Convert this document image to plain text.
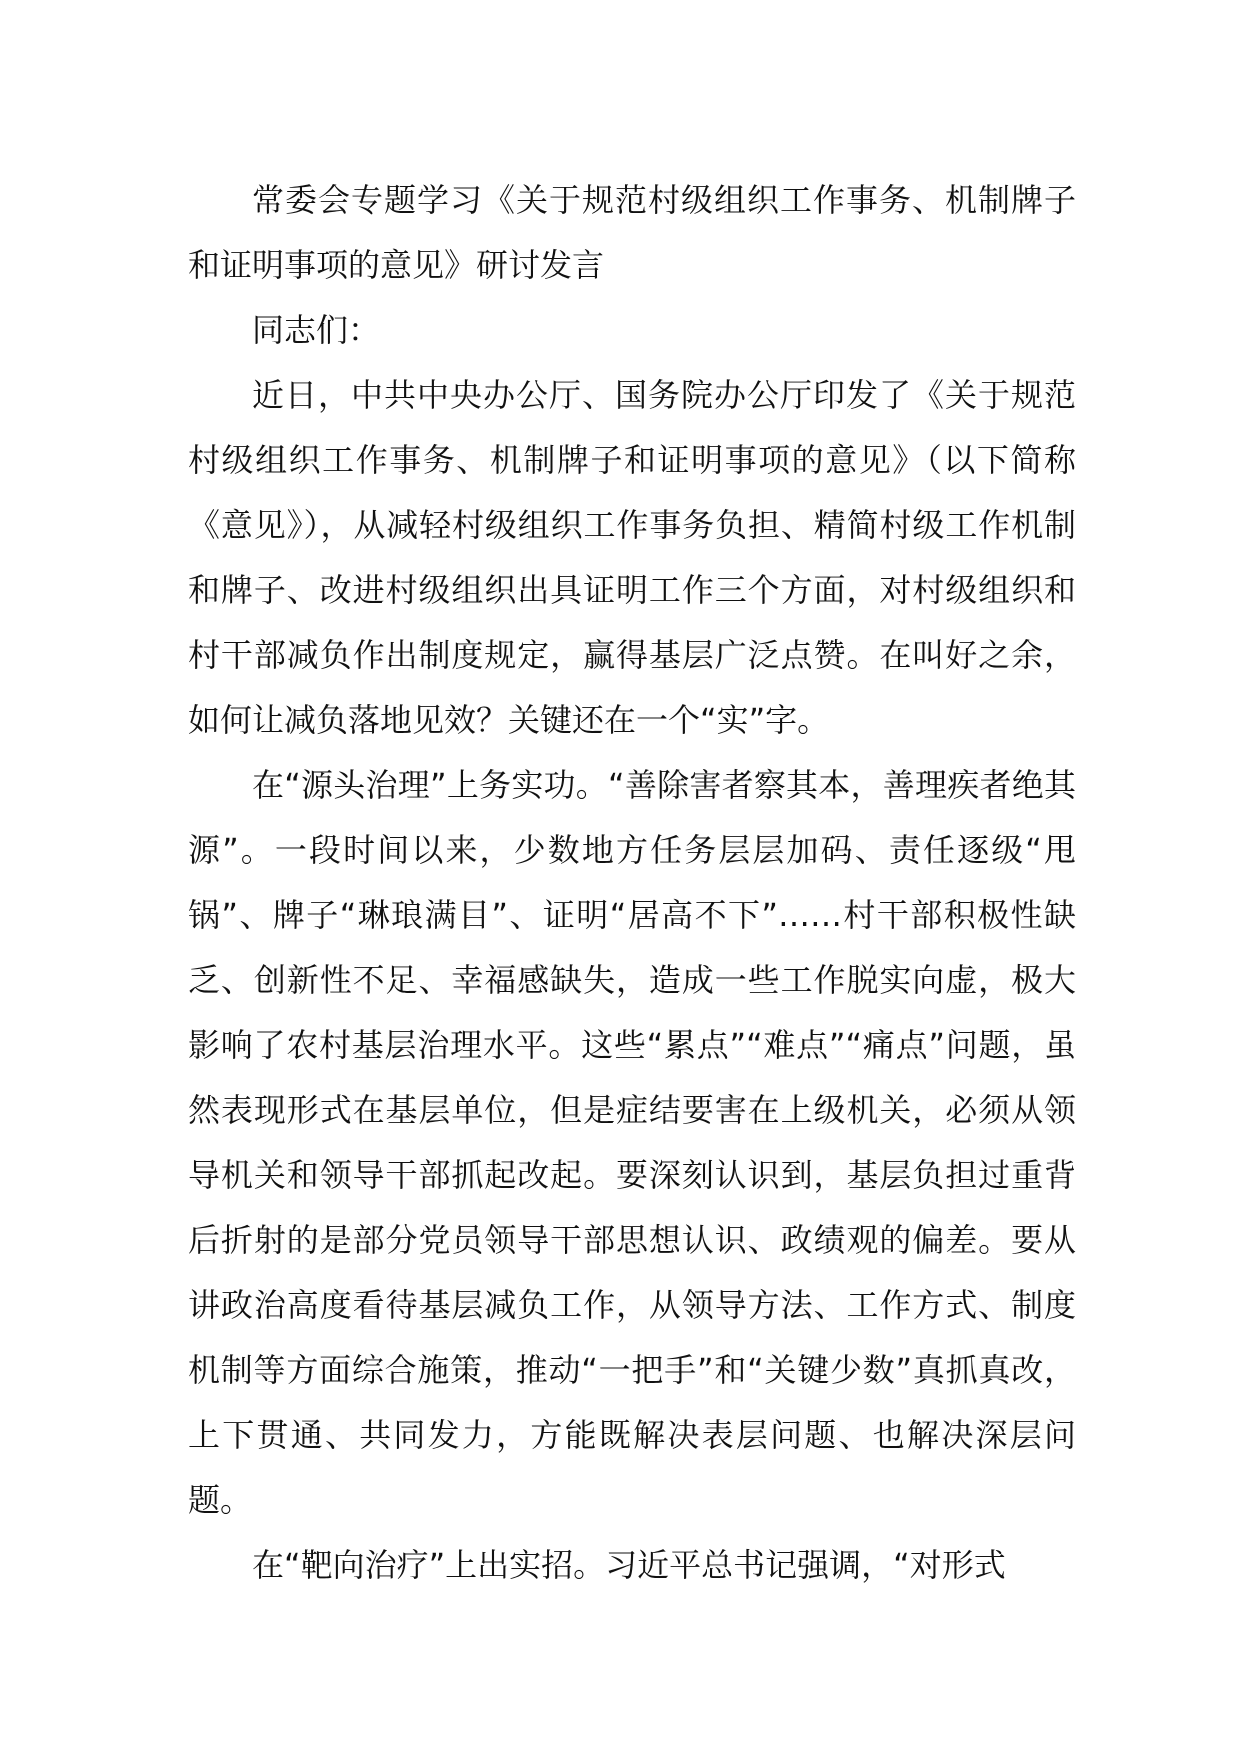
常委会专题学习《关于规范村级组织工作事务、机制牌子和证明事项的意见》研讨发言

同志们：

近日，中共中央办公厅、国务院办公厅印发了《关于规范村级组织工作事务、机制牌子和证明事项的意见》（以下简称《意见》），从减轻村级组织工作事务负担、精简村级工作机制和牌子、改进村级组织出具证明工作三个方面，对村级组织和村干部减负作出制度规定，赢得基层广泛点赞。在叫好之余，如何让减负落地见效？关键还在一个“实”字。

在“源头治理”上务实功。“善除害者察其本，善理疾者绝其源”。一段时间以来，少数地方任务层层加码、责任逐级“甩锅”、牌子“琳琅满目”、证明“居高不下”……村干部积极性缺乏、创新性不足、幸福感缺失，造成一些工作脱实向虚，极大影响了农村基层治理水平。这些“累点”“难点”“痛点”问题，虽然表现形式在基层单位，但是症结要害在上级机关，必须从领导机关和领导干部抓起改起。要深刻认识到，基层负担过重背后折射的是部分党员领导干部思想认识、政绩观的偏差。要从讲政治高度看待基层减负工作，从领导方法、工作方式、制度机制等方面综合施策，推动“一把手”和“关键少数”真抓真改，上下贯通、共同发力，方能既解决表层问题、也解决深层问题。

在“靶向治疗”上出实招。习近平总书记强调，“对形式
